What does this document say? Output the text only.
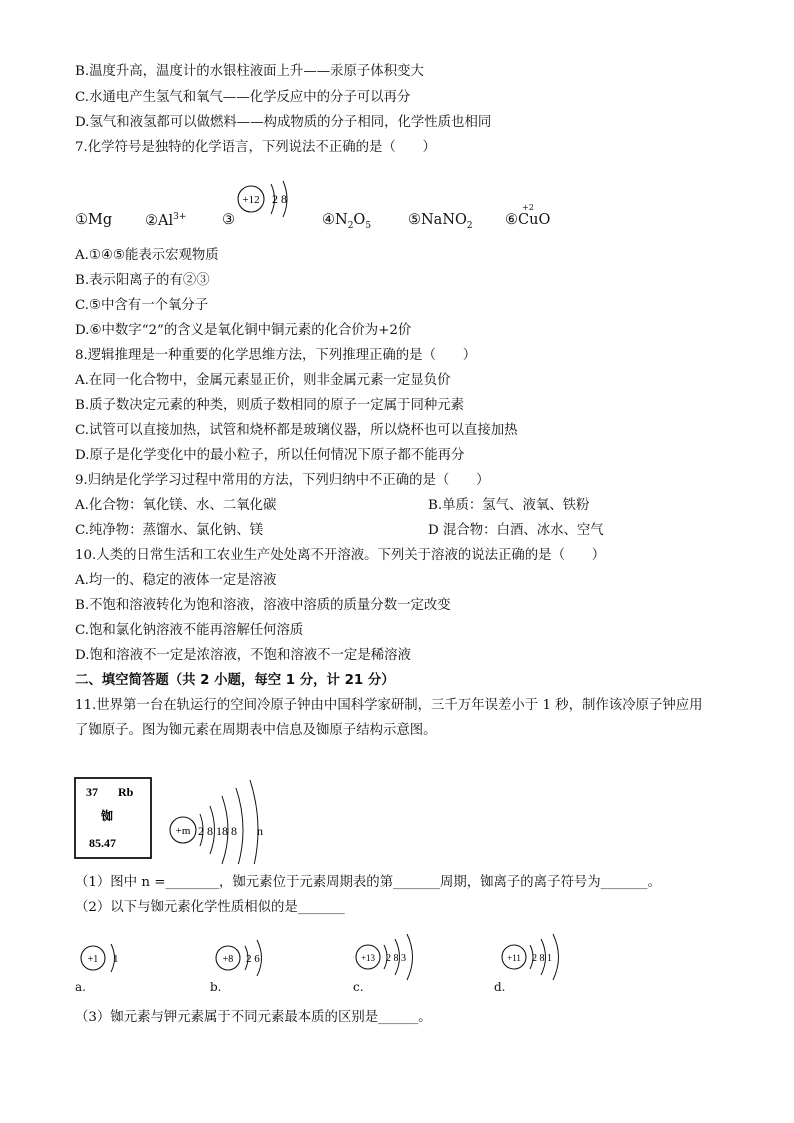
B.温度升高，温度计的水银柱液面上升——汞原子体积变大
C.水通电产生氢气和氧气——化学反应中的分子可以再分
D.氢气和液氢都可以做燃料——构成物质的分子相同，化学性质也相同
7.化学符号是独特的化学语言，下列说法不正确的是（　　）
+12 2 8
①Mg $②Al^{3+}$ ③	$④N_2O_5$	⑤NaNO$_2$ ⑥
+2
CuO
A.①④⑤能表示宏观物质
B.表示阳离子的有②③
C.⑤中含有一个氧分子
D.⑥中数字“2”的含义是氧化铜中铜元素的化合价为+2价
8.逻辑推理是一种重要的化学思维方法，下列推理正确的是（　　）
A.在同一化合物中，金属元素显正价，则非金属元素一定显负价
B.质子数决定元素的种类，则质子数相同的原子一定属于同种元素
C.试管可以直接加热，试管和烧杯都是玻璃仪器，所以烧杯也可以直接加热
D.原子是化学变化中的最小粒子，所以任何情况下原子都不能再分
9.归纳是化学学习过程中常用的方法，下列归纳中不正确的是（　　）
A.化合物：氧化镁、水、二氧化碳	B.单质：氢气、液氧、铁粉
C.纯净物：蒸馏水、氯化钠、镁	D 混合物：白酒、冰水、空气
10.人类的日常生活和工农业生产处处离不开溶液。下列关于溶液的说法正确的是（　　）
A.均一的、稳定的液体一定是溶液
B.不饱和溶液转化为饱和溶液，溶液中溶质的质量分数一定改变
C.饱和氯化钠溶液不能再溶解任何溶质
D.饱和溶液不一定是浓溶液，不饱和溶液不一定是稀溶液
二、填空简答题（共 2 小题，每空 1 分，计 21 分）
11.世界第一台在轨运行的空间冷原子钟由中国科学家研制，三千万年误差小于 1 秒，制作该冷原子钟应用
了铷原子。图为铷元素在周期表中信息及铷原子结构示意图。
37 Rb
铷
85.47
+m 2 8 18 8 n
（1）图中 n =________，铷元素位于元素周期表的第_______周期，铷离子的离子符号为_______。
（2）以下与铷元素化学性质相似的是_______
+1 1
a.
+8 2 6
b.
+13 2 8 3
c.
+11 2 8 1
d.
（3）铷元素与钾元素属于不同元素最本质的区别是______。
